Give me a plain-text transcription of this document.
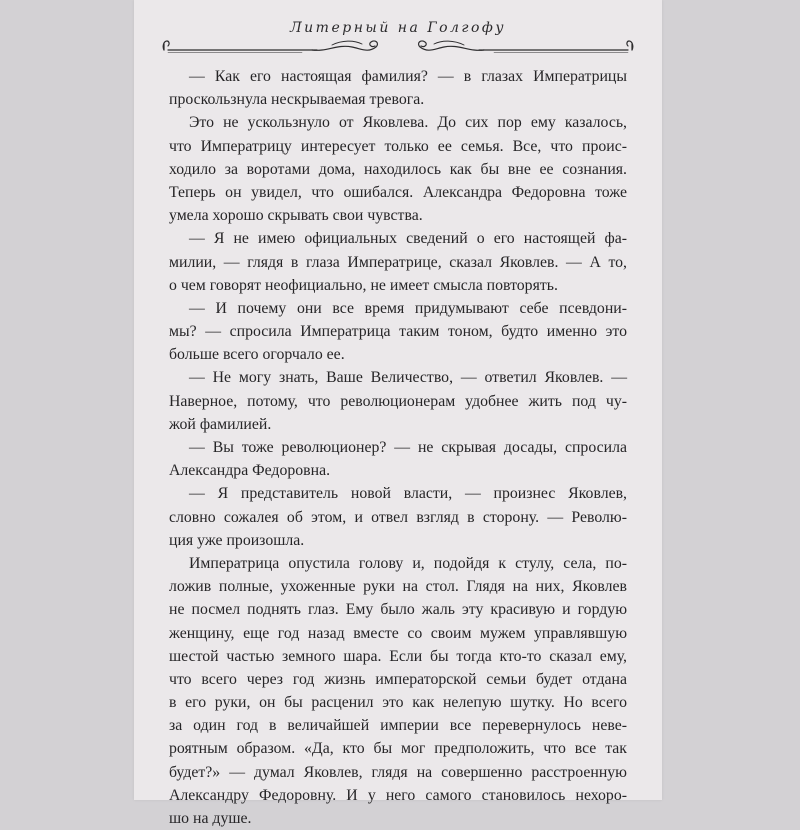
Литерный на Голгофу
— Как его настоящая фамилия? — в глазах Императрицы
проскользнула нескрываемая тревога.
Это не ускользнуло от Яковлева. До сих пор ему казалось,
что Императрицу интересует только ее семья. Все, что проис-
ходило за воротами дома, находилось как бы вне ее сознания.
Теперь он увидел, что ошибался. Александра Федоровна тоже
умела хорошо скрывать свои чувства.
— Я не имею официальных сведений о его настоящей фа-
милии, — глядя в глаза Императрице, сказал Яковлев. — А то,
о чем говорят неофициально, не имеет смысла повторять.
— И почему они все время придумывают себе псевдони-
мы? — спросила Императрица таким тоном, будто именно это
больше всего огорчало ее.
— Не могу знать, Ваше Величество, — ответил Яковлев. —
Наверное, потому, что революционерам удобнее жить под чу-
жой фамилией.
— Вы тоже революционер? — не скрывая досады, спросила
Александра Федоровна.
— Я представитель новой власти, — произнес Яковлев,
словно сожалея об этом, и отвел взгляд в сторону. — Револю-
ция уже произошла.
Императрица опустила голову и, подойдя к стулу, села, по-
ложив полные, ухоженные руки на стол. Глядя на них, Яковлев
не посмел поднять глаз. Ему было жаль эту красивую и гордую
женщину, еще год назад вместе со своим мужем управлявшую
шестой частью земного шара. Если бы тогда кто-то сказал ему,
что всего через год жизнь императорской семьи будет отдана
в его руки, он бы расценил это как нелепую шутку. Но всего
за один год в величайшей империи все перевернулось неве-
роятным образом. «Да, кто бы мог предположить, что все так
будет?» — думал Яковлев, глядя на совершенно расстроенную
Александру Федоровну. И у него самого становилось нехоро-
шо на душе.
